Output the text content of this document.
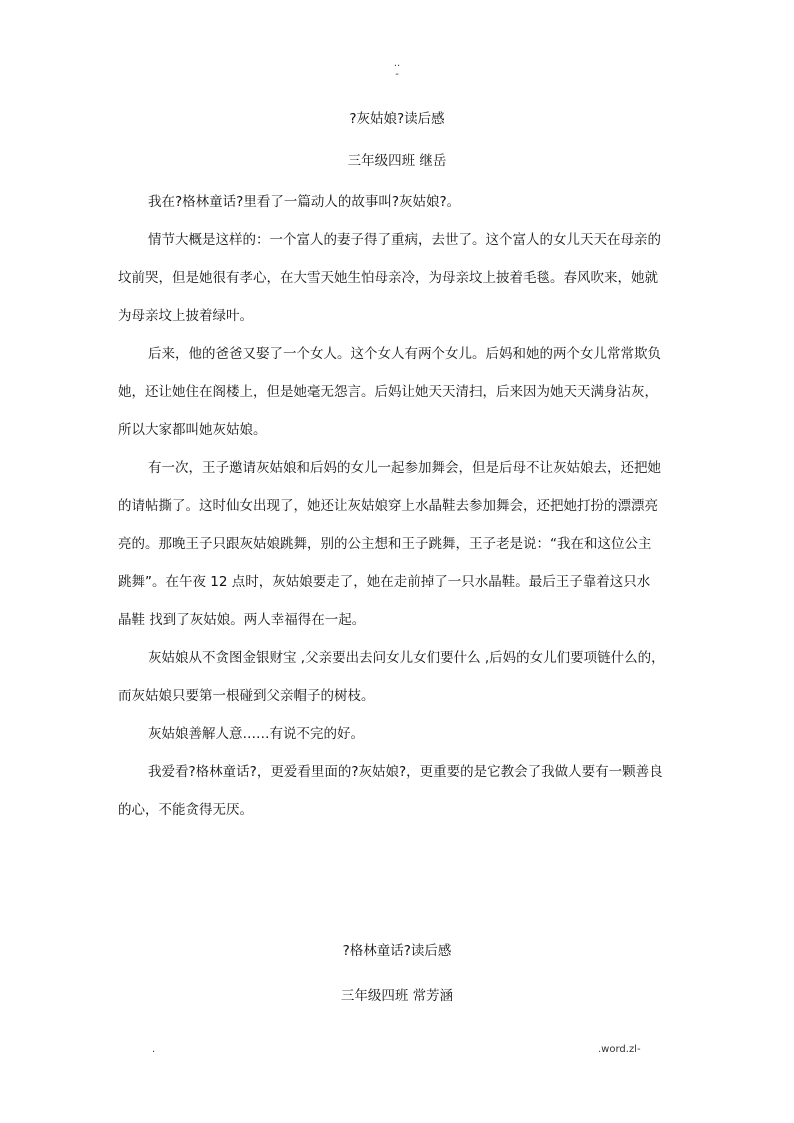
..
-
?灰姑娘?读后感
三年级四班 继岳
我在?格林童话?里看了一篇动人的故事叫?灰姑娘?。
情节大概是这样的：一个富人的妻子得了重病，去世了。这个富人的女儿天天在母亲的
坟前哭，但是她很有孝心，在大雪天她生怕母亲冷，为母亲坟上披着毛毯。春风吹来，她就
为母亲坟上披着绿叶。
后来，他的爸爸又娶了一个女人。这个女人有两个女儿。后妈和她的两个女儿常常欺负
她，还让她住在阁楼上，但是她毫无怨言。后妈让她天天清扫，后来因为她天天满身沾灰，
所以大家都叫她灰姑娘。
有一次，王子邀请灰姑娘和后妈的女儿一起参加舞会，但是后母不让灰姑娘去，还把她
的请帖撕了。这时仙女出现了，她还让灰姑娘穿上水晶鞋去参加舞会，还把她打扮的漂漂亮
亮的。那晚王子只跟灰姑娘跳舞，别的公主想和王子跳舞，王子老是说：“我在和这位公主
跳舞”。在午夜 12 点时，灰姑娘要走了，她在走前掉了一只水晶鞋。最后王子靠着这只水
晶鞋 找到了灰姑娘。两人幸福得在一起。
灰姑娘从不贪图金银财宝 ,父亲要出去问女儿女们要什么 ,后妈的女儿们要项链什么的，
而灰姑娘只要第一根碰到父亲帽子的树枝。
灰姑娘善解人意……有说不完的好。
我爱看?格林童话?，更爱看里面的?灰姑娘?，更重要的是它教会了我做人要有一颗善良
的心，不能贪得无厌。
?格林童话?读后感
三年级四班 常芳涵
.	.word.zl-
